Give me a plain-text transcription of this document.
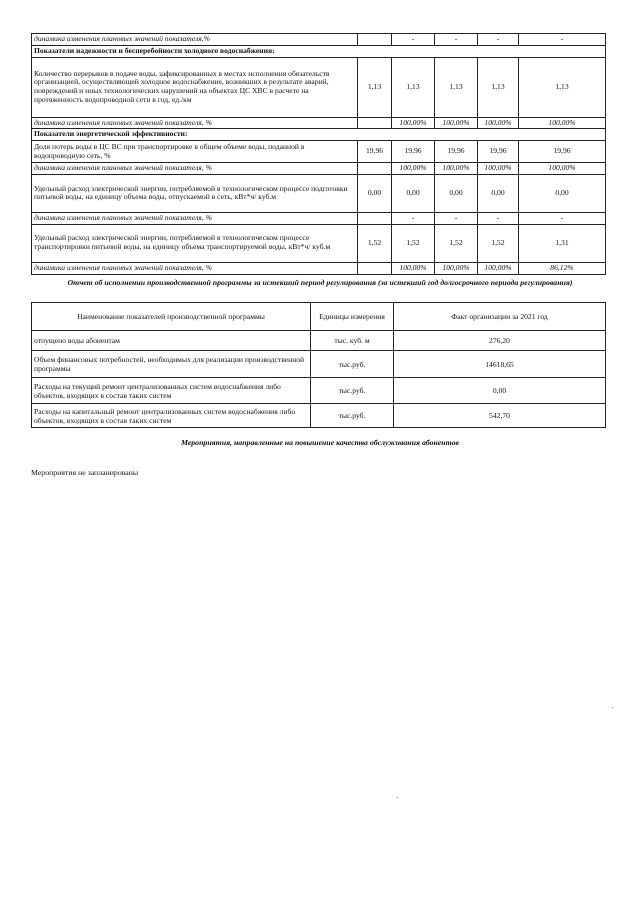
динамика изменения плановых значений показателя,%		-	-	-	-
Показатели надежности и бесперебойности холодного водоснабжения:					
Количество перерывов в подаче воды, зафиксированных в местах исполнения обязательств организацией, осуществляющей холодное водоснабжение, возникших в результате аварий, повреждений и иных технологических нарушений на объектах ЦС ХВС в расчете на протяженность водопроводной сети в год, ед./км	1,13	1,13	1,13	1,13	1,13
динамика изменения плановых значений показателя, %		100,00%	100,00%	100,00%	100,00%
Показатели энергетической эффективности:					
Доля потерь воды в ЦС ВС при транспортировке в общем объеме воды, поданной в водопроводную сеть, %	19,96	19,96	19,96	19,96	19,96
динамика изменения плановых значений показателя, %		100,00%	100,00%	100,00%	100,00%
Удельный расход электрической энергии, потребляемой в технологическом процессе подготовки питьевой воды, на единицу объема воды, отпускаемой в сеть, кВт*ч/ куб.м	0,00	0,00	0,00	0,00	0,00
динамика изменения плановых значений показателя, %		-	-	-	-
Удельный расход электрической энергии, потребляемой в технологическом процессе транспортировки питьевой воды, на единицу объема транспортируемой воды, кВт*ч/ куб.м	1,52	1,52	1,52	1,52	1,31
динамика изменения плановых значений показателя, %		100,00%	100,00%	100,00%	86,12%
Отчет об исполнении производственной программы за истекший период регулирования (за истекший год долгосрочного периода регулирования)
Наименование показателей производственной программы	Единицы измерения	Факт организации за 2021 год
отпущено воды абонентам	тыс. куб. м	276,20
Объем финансовых потребностей, необходимых для реализации производственной программы	тыс.руб.	14618,65
Расходы на текущий ремонт централизованных систем водоснабжения либо объектов, входящих в состав таких систем	тыс.руб.	0,00
Расходы на капитальный ремонт централизованных систем водоснабжения либо объектов, входящих в состав таких систем	тыс.руб.	542,70
Мероприятия, направленные на повышение качества обслуживания абонентов
Мероприятия не запланированы
